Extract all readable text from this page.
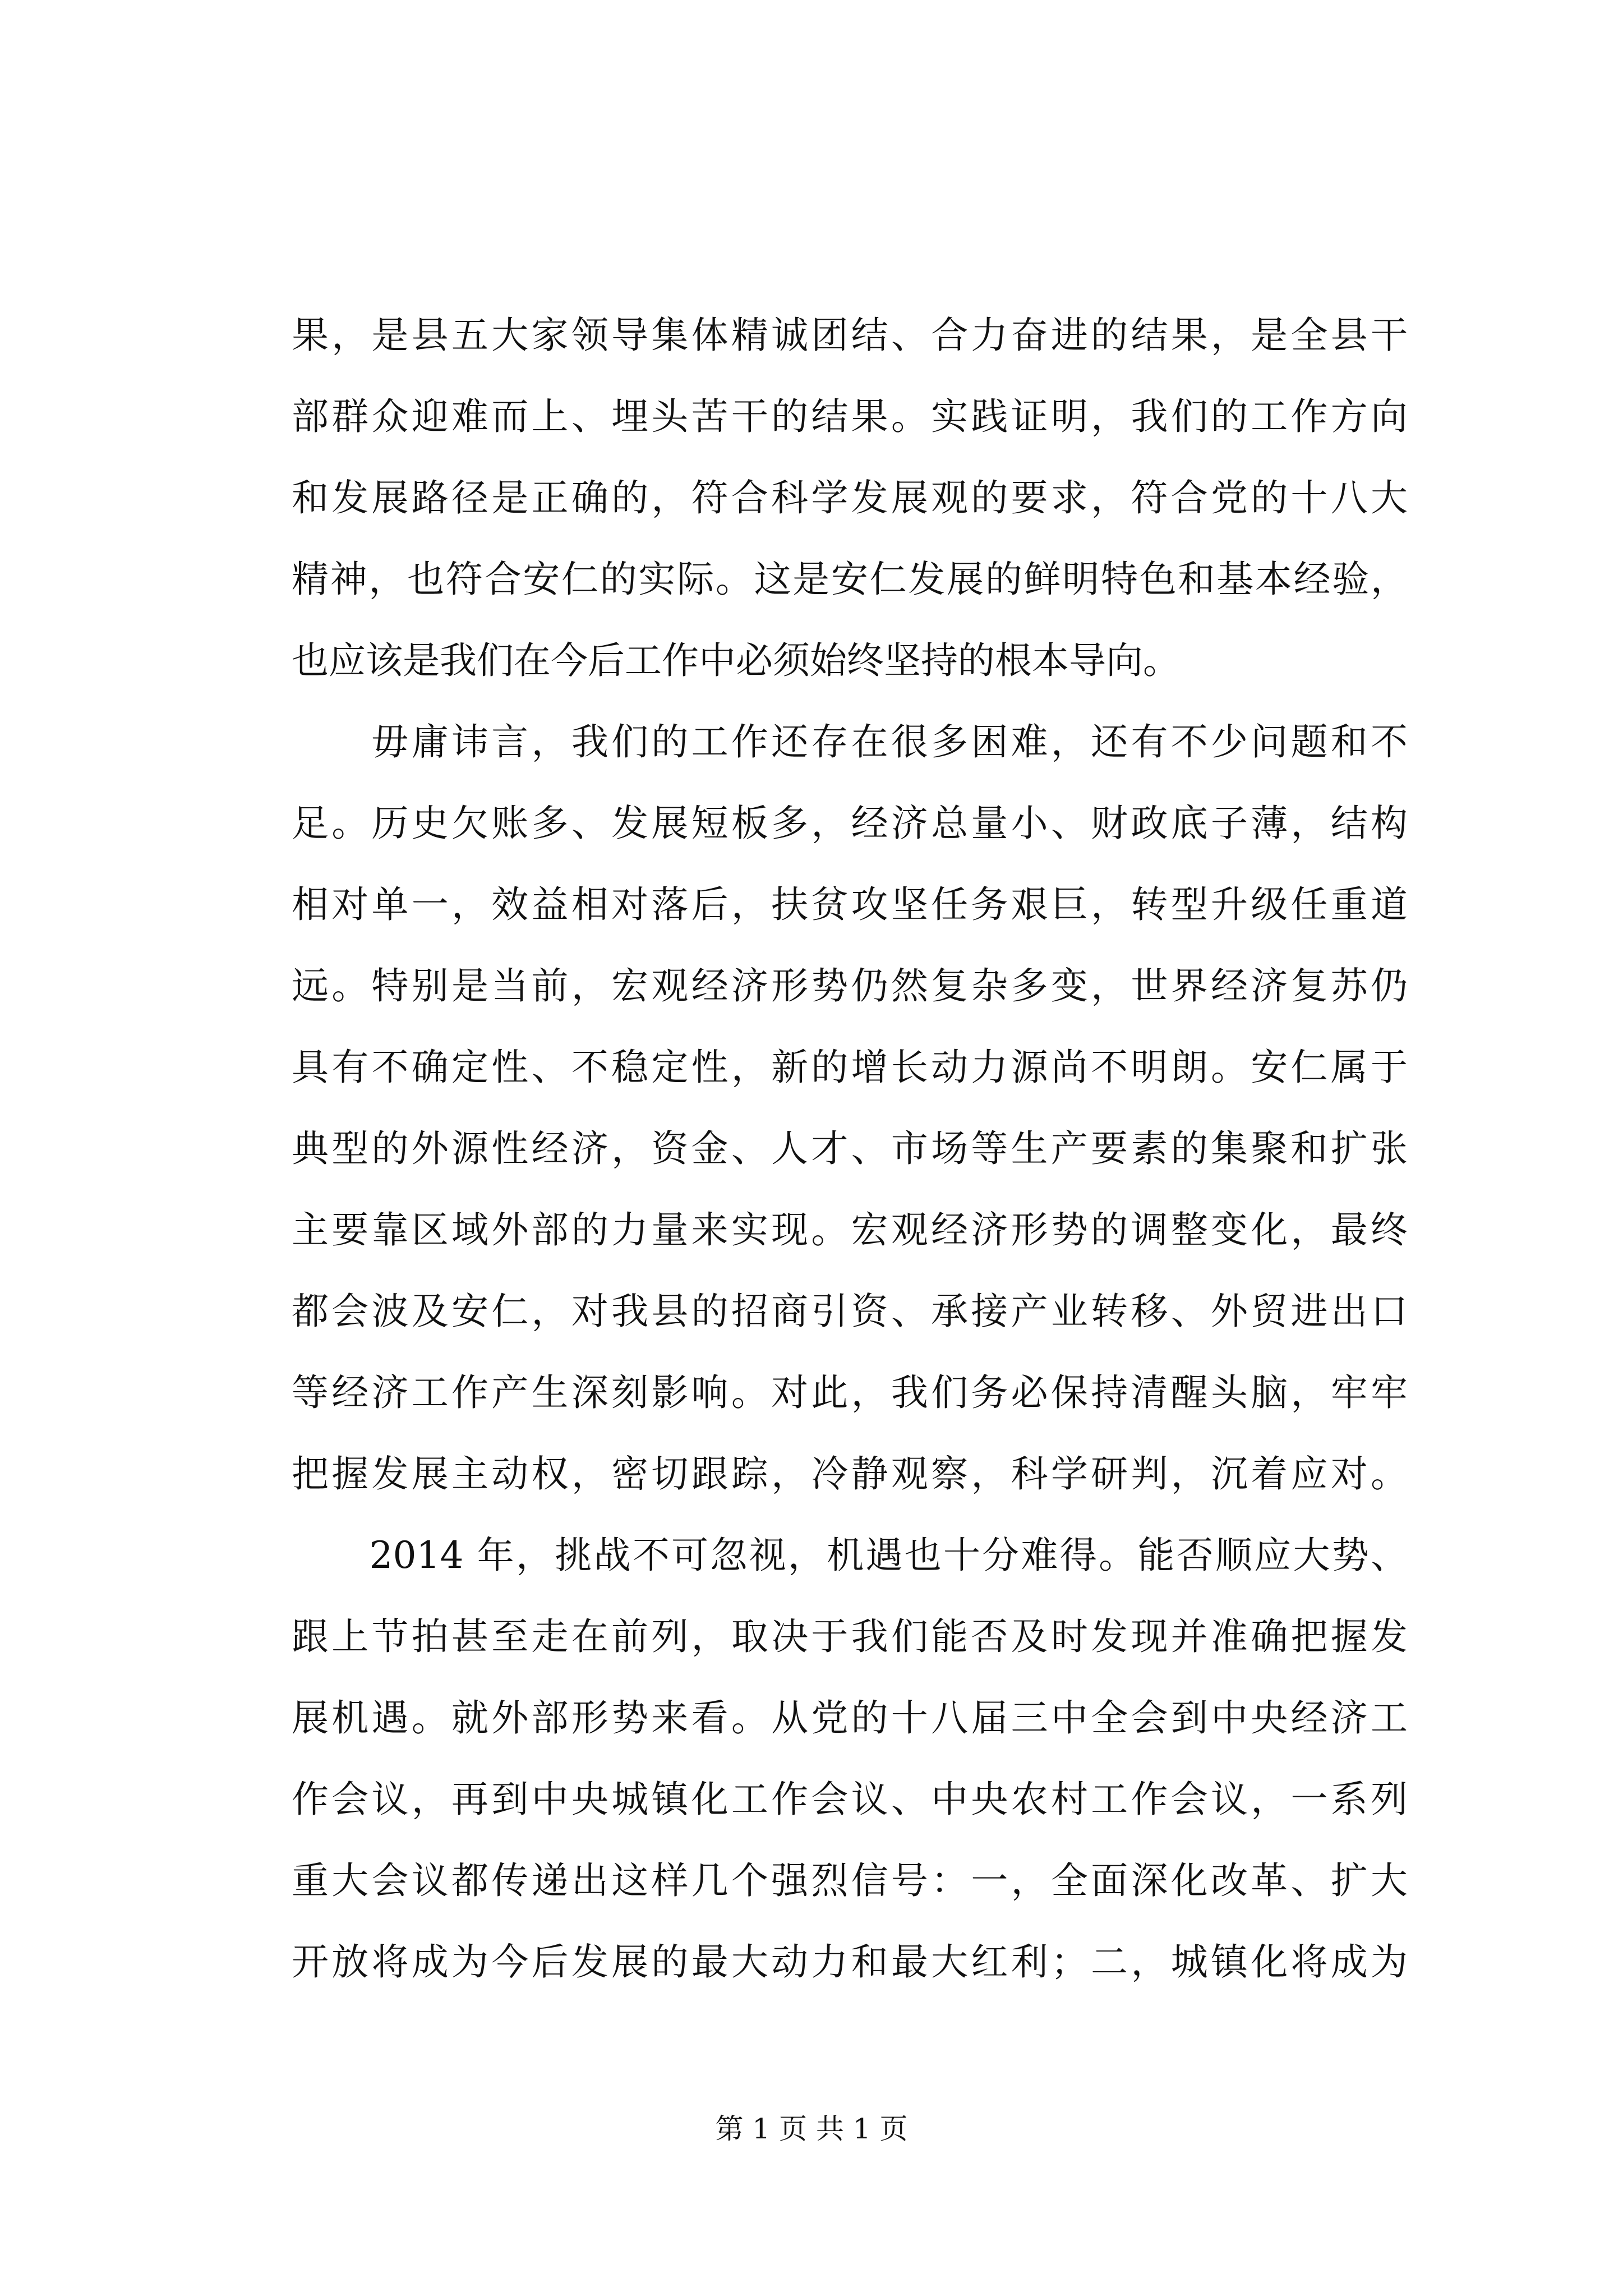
果，是县五大家领导集体精诚团结、合力奋进的结果，是全县干
部群众迎难而上、埋头苦干的结果。实践证明，我们的工作方向
和发展路径是正确的，符合科学发展观的要求，符合党的十八大
精神，也符合安仁的实际。这是安仁发展的鲜明特色和基本经验，
也应该是我们在今后工作中必须始终坚持的根本导向。
　　毋庸讳言，我们的工作还存在很多困难，还有不少问题和不
足。历史欠账多、发展短板多，经济总量小、财政底子薄，结构
相对单一，效益相对落后，扶贫攻坚任务艰巨，转型升级任重道
远。特别是当前，宏观经济形势仍然复杂多变，世界经济复苏仍
具有不确定性、不稳定性，新的增长动力源尚不明朗。安仁属于
典型的外源性经济，资金、人才、市场等生产要素的集聚和扩张
主要靠区域外部的力量来实现。宏观经济形势的调整变化，最终
都会波及安仁，对我县的招商引资、承接产业转移、外贸进出口
等经济工作产生深刻影响。对此，我们务必保持清醒头脑，牢牢
把握发展主动权，密切跟踪，冷静观察，科学研判，沉着应对。
　　2014 年，挑战不可忽视，机遇也十分难得。能否顺应大势、
跟上节拍甚至走在前列，取决于我们能否及时发现并准确把握发
展机遇。就外部形势来看。从党的十八届三中全会到中央经济工
作会议，再到中央城镇化工作会议、中央农村工作会议，一系列
重大会议都传递出这样几个强烈信号：一，全面深化改革、扩大
开放将成为今后发展的最大动力和最大红利；二，城镇化将成为
第 1 页 共 1 页
